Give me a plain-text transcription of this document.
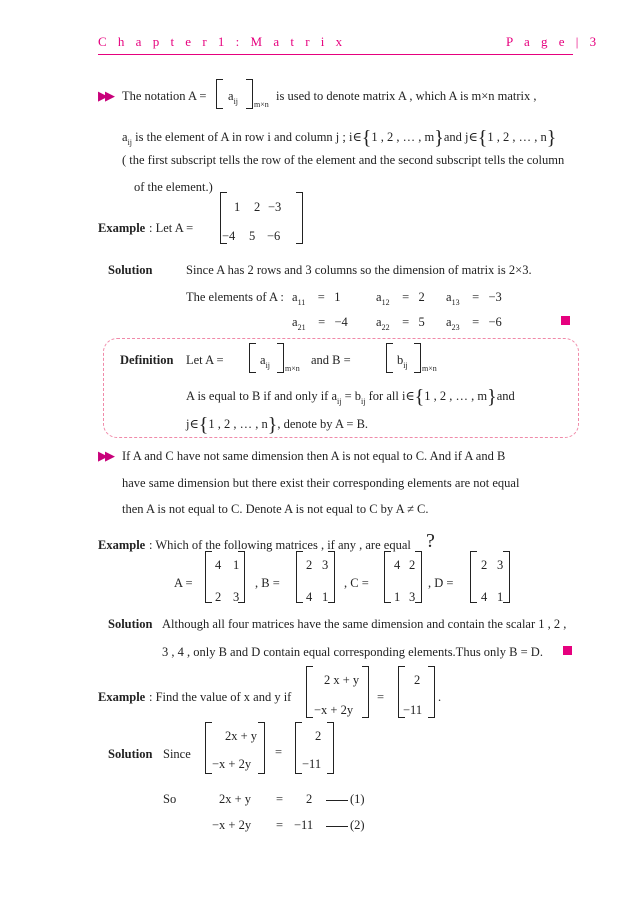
C h a p t e r 1 : M a t r i x	P a g e | 3
▶▶ The notation $A = a_{ij}$ m×n
is used to denote matrix A , which A is m×n matrix ,
$a_{ij}$ is the element of A in row i and column j ; i∈{1 , 2 , … , m}and j∈{1 , 2 , … , n}
( the first subscript tells the row of the element and the second subscript tells the column
of the element.)
Example : Let A =
1 2 −3
−4 5 −6
Solution	Since A has 2 rows and 3 columns so the dimension of matrix is 2×3.
The elements of A : $a_{11}$    =   1	$a_{12}$    =   2 $a_{13}$    =   −3
$a_{21}$    =   −4 $a_{22}$    =   5 $a_{23}$    =   −6
Definition Let A =	$a_{ij}$ m×n
and B =	$b_{ij}$ m×n
A is equal to B if and only if $a_{ij} = b_{ij}$ for all i∈{1 , 2 , … , m}and
j∈{1 , 2 , … , n}, denote by A = B.
▶▶ If A and C have not same dimension then A is not equal to C. And if A and B
have same dimension but there exist their corresponding elements are not equal
then A is not equal to C. Denote A is not equal to C by A ≠ C.
Example : Which of the following matrices , if any , are equal ?
A =
4 1
2 3
, B =
2 3
4 1
, C =
4 2
1 3
, D =
2 3
4 1
Solution Although all four matrices have the same dimension and contain the scalar 1 , 2 ,
3 , 4 , only B and D contain equal corresponding elements.Thus only B = D.
Example : Find the value of x and y if
2 x + y
−x + 2y
=
2
−11
.
Solution Since
2x + y
−x + 2y
=
2
−11
So	2x + y = 2	(1)
−x + 2y = −11	(2)
